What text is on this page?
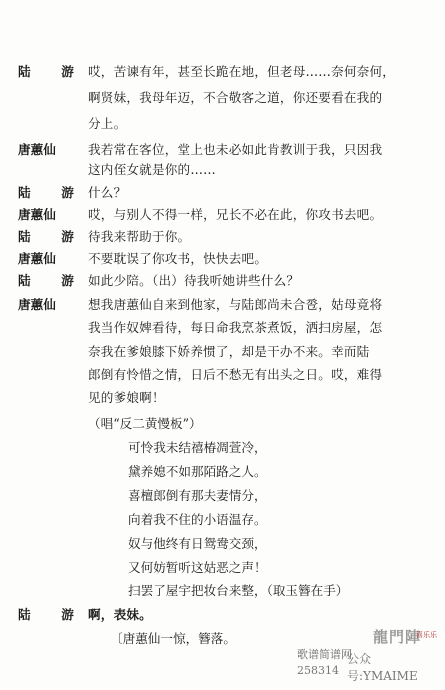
陆　游 哎，苦谏有年，甚至长跪在地，但老母……奈何奈何，
啊贤妹，我母年迈，不合敬客之道，你还要看在我的
分上。
唐蕙仙	我若常在客位，堂上也未必如此肯教训于我，只因我
这内侄女就是你的……
陆　游 什么？
唐蕙仙	哎，与别人不得一样，兄长不必在此，你攻书去吧。
陆　游 待我来帮助于你。
唐蕙仙	不要耽误了你攻书，快快去吧。
陆　游 如此少陪。（出）待我听她讲些什么？
唐蕙仙	想我唐蕙仙自来到他家，与陆郎尚未合卺，姑母竟将
我当作奴婢看待，每日命我烹茶煮饭，洒扫房屋，怎
奈我在爹娘膝下娇养惯了，却是干办不来。幸而陆
郎倒有怜惜之情，日后不愁无有出头之日。哎，难得
见的爹娘啊！
（唱“反二黄慢板”）
可怜我未结禧椿凋萱冷，
黛养媳不如那陌路之人。
喜檀郎倒有那夫妻情分，
向着我不住的小语温存。
奴与他终有日鸳鸯交颈，
又何妨暂听这姑恶之声！
扫罢了屋宇把妆台来整，（取玉簪在手）
陆　游 啊，表妹。
〔唐蕙仙一惊，簪落。	龍門陣
喜乐乐
歌谱简谱网
公众号:YMAIME
258314
